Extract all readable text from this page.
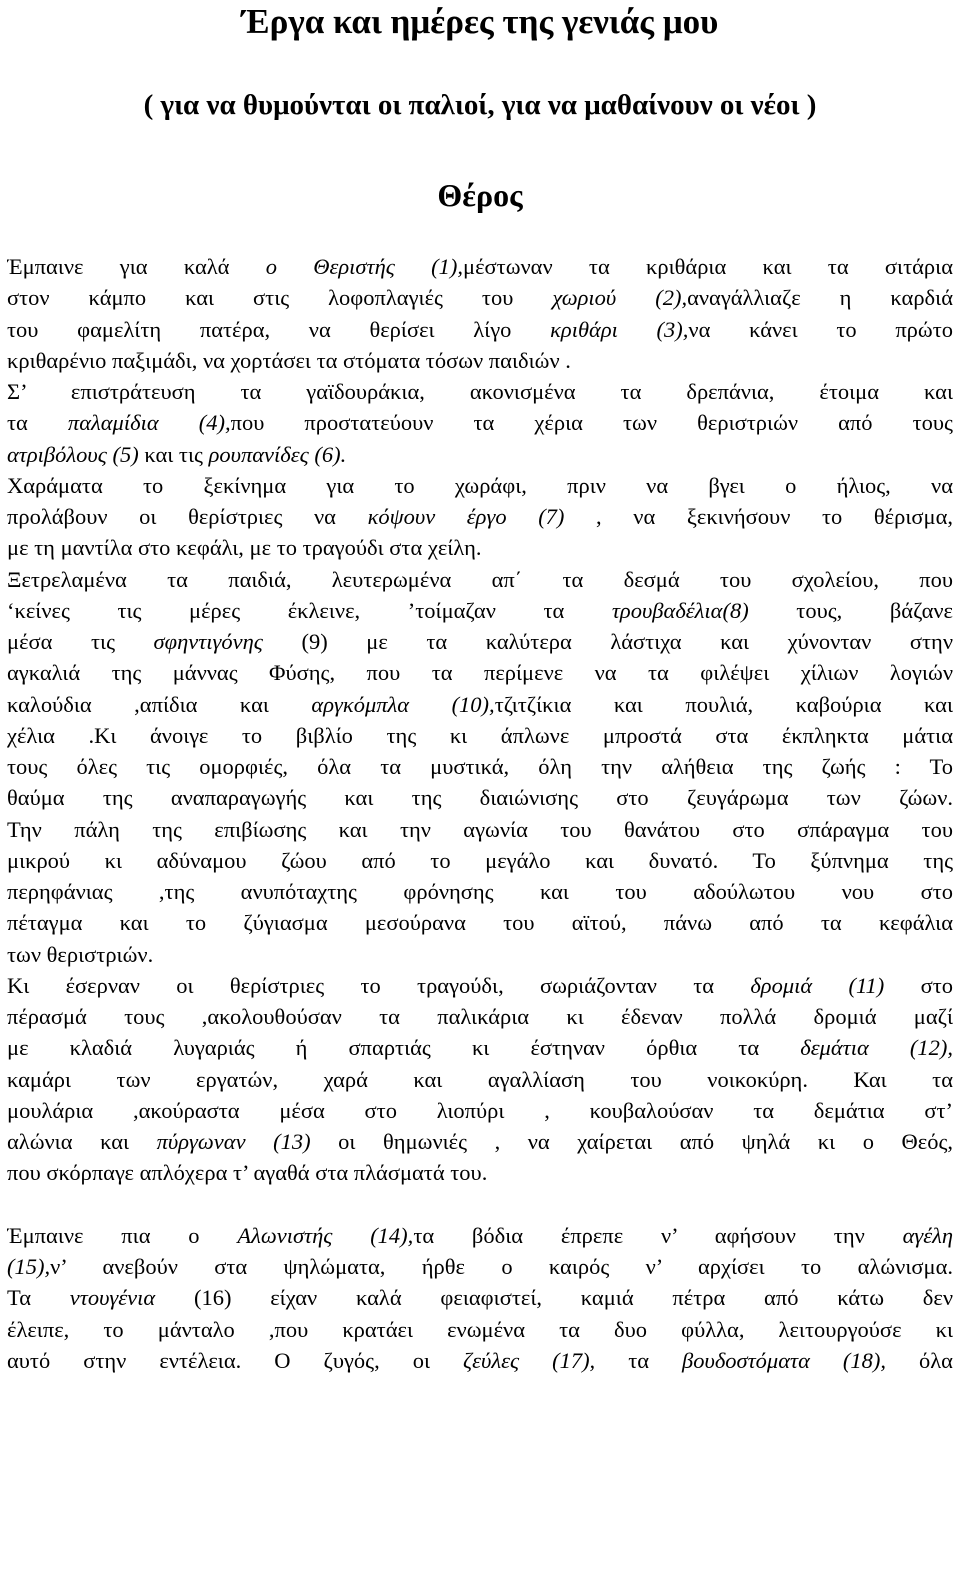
Έργα και ημέρες της γενιάς μου
( για να θυμούνται οι παλιοί, για να μαθαίνουν οι νέοι )
Θέρος
Έμπαινε για καλά ο Θεριστής (1),μέστωναν τα κριθάρια και τα σιτάρια
στον κάμπο και στις λοφοπλαγιές του χωριού (2),αναγάλλιαζε η καρδιά
του φαμελίτη πατέρα, να θερίσει λίγο κριθάρι (3),να κάνει το πρώτο
κριθαρένιο παξιμάδι, να χορτάσει τα στόματα τόσων παιδιών .
Σ’ επιστράτευση τα γαϊδουράκια, ακονισμένα τα δρεπάνια, έτοιμα και
τα παλαμίδια (4),που προστατεύουν τα χέρια των θεριστριών από τους
ατριβόλους (5) και τις ρουπανίδες (6).
Χαράματα το ξεκίνημα για το χωράφι, πριν να βγει ο ήλιος, να
προλάβουν οι θερίστριες να κόψουν έργο (7) , να ξεκινήσουν το θέρισμα,
με τη μαντίλα στο κεφάλι, με το τραγούδι στα χείλη.
Ξετρελαμένα τα παιδιά, λευτερωμένα απ΄ τα δεσμά του σχολείου, που
‘κείνες τις μέρες έκλεινε, ’τοίμαζαν τα τρουβαδέλια(8) τους, βάζανε
μέσα τις σφηντιγόνης (9) με τα καλύτερα λάστιχα και χύνονταν στην
αγκαλιά της μάννας Φύσης, που τα περίμενε να τα φιλέψει χίλιων λογιών
καλούδια ,απίδια και αργκόμπλα (10),τζιτζίκια και πουλιά, καβούρια και
χέλια .Κι άνοιγε το βιβλίο της κι άπλωνε μπροστά στα έκπληκτα μάτια
τους όλες τις ομορφιές, όλα τα μυστικά, όλη την αλήθεια της ζωής : Το
θαύμα της αναπαραγωγής και της διαιώνισης στο ζευγάρωμα των ζώων.
Την πάλη της επιβίωσης και την αγωνία του θανάτου στο σπάραγμα του
μικρού κι αδύναμου ζώου από το μεγάλο και δυνατό. Το ξύπνημα της
περηφάνιας ,της ανυπόταχτης φρόνησης και του αδούλωτου νου στο
πέταγμα και το ζύγιασμα μεσούρανα του αϊτού, πάνω από τα κεφάλια
των θεριστριών.
Κι έσερναν οι θερίστριες το τραγούδι, σωριάζονταν τα δρομιά (11) στο
πέρασμά τους ,ακολουθούσαν τα παλικάρια κι έδεναν πολλά δρομιά μαζί
με κλαδιά λυγαριάς ή σπαρτιάς κι έστηναν όρθια τα δεμάτια (12),
καμάρι των εργατών, χαρά και αγαλλίαση του νοικοκύρη. Και τα
μουλάρια ,ακούραστα μέσα στο λιοπύρι , κουβαλούσαν τα δεμάτια στ’
αλώνια και πύργωναν (13) οι θημωνιές , να χαίρεται από ψηλά κι ο Θεός,
που σκόρπαγε απλόχερα τ’ αγαθά στα πλάσματά του.
Έμπαινε πια ο Αλωνιστής (14),τα βόδια έπρεπε ν’ αφήσουν την αγέλη
(15),ν’ ανεβούν στα ψηλώματα, ήρθε ο καιρός ν’ αρχίσει το αλώνισμα.
Τα ντουγένια (16) είχαν καλά φειαφιστεί, καμιά πέτρα από κάτω δεν
έλειπε, το μάνταλο ,που κρατάει ενωμένα τα δυο φύλλα, λειτουργούσε κι
αυτό στην εντέλεια. Ο ζυγός, οι ζεύλες (17), τα βουδοστόματα (18), όλα
